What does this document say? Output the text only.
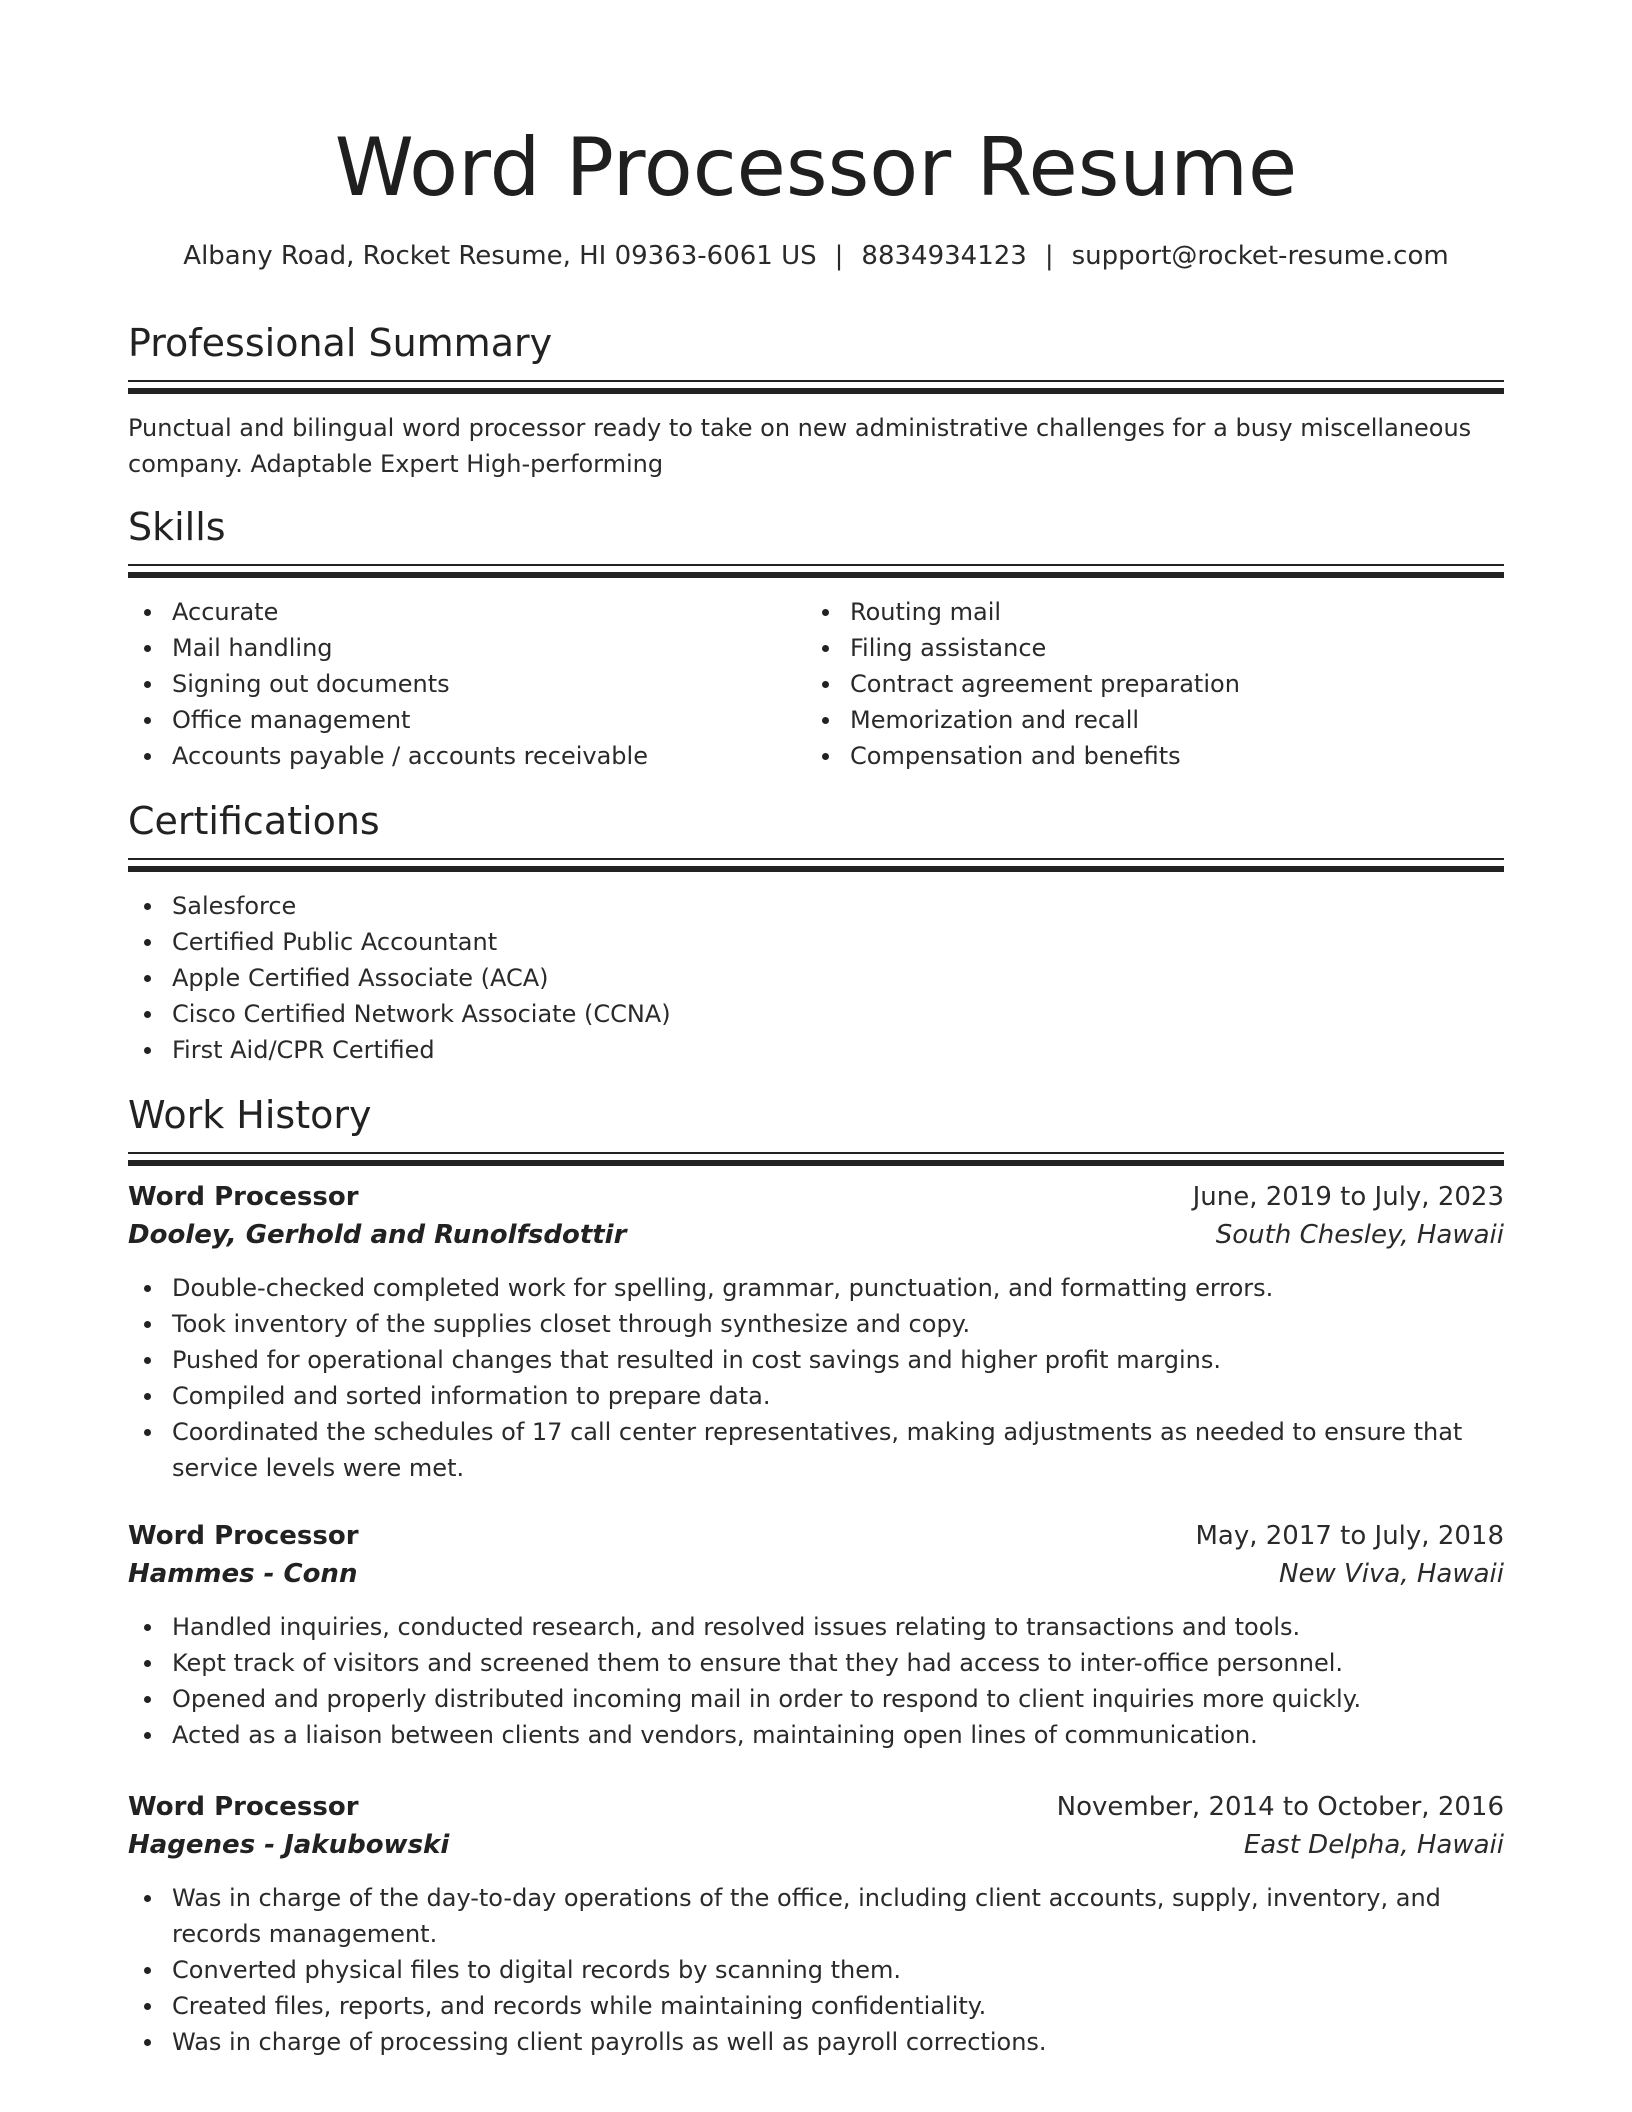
Word Processor Resume
Albany Road, Rocket Resume, HI 09363-6061 US | 8834934123 | support@rocket-resume.com
Professional Summary

Punctual and bilingual word processor ready to take on new administrative challenges for a busy miscellaneous company. Adaptable Expert High-performing

Skills
Accurate
Mail handling
Signing out documents
Office management
Accounts payable / accounts receivable
Routing mail
Filing assistance
Contract agreement preparation
Memorization and recall
Compensation and benefits
Certifications
Salesforce
Certified Public Accountant
Apple Certified Associate (ACA)
Cisco Certified Network Associate (CCNA)
First Aid/CPR Certified
Work History
Word Processor	June, 2019 to July, 2023
Dooley, Gerhold and Runolfsdottir	South Chesley, Hawaii
Double-checked completed work for spelling, grammar, punctuation, and formatting errors.
Took inventory of the supplies closet through synthesize and copy.
Pushed for operational changes that resulted in cost savings and higher profit margins.
Compiled and sorted information to prepare data.
Coordinated the schedules of 17 call center representatives, making adjustments as needed to ensure that service levels were met.
Word Processor	May, 2017 to July, 2018
Hammes - Conn	New Viva, Hawaii
Handled inquiries, conducted research, and resolved issues relating to transactions and tools.
Kept track of visitors and screened them to ensure that they had access to inter-office personnel.
Opened and properly distributed incoming mail in order to respond to client inquiries more quickly.
Acted as a liaison between clients and vendors, maintaining open lines of communication.
Word Processor	November, 2014 to October, 2016
Hagenes - Jakubowski	East Delpha, Hawaii
Was in charge of the day-to-day operations of the office, including client accounts, supply, inventory, and records management.
Converted physical files to digital records by scanning them.
Created files, reports, and records while maintaining confidentiality.
Was in charge of processing client payrolls as well as payroll corrections.
